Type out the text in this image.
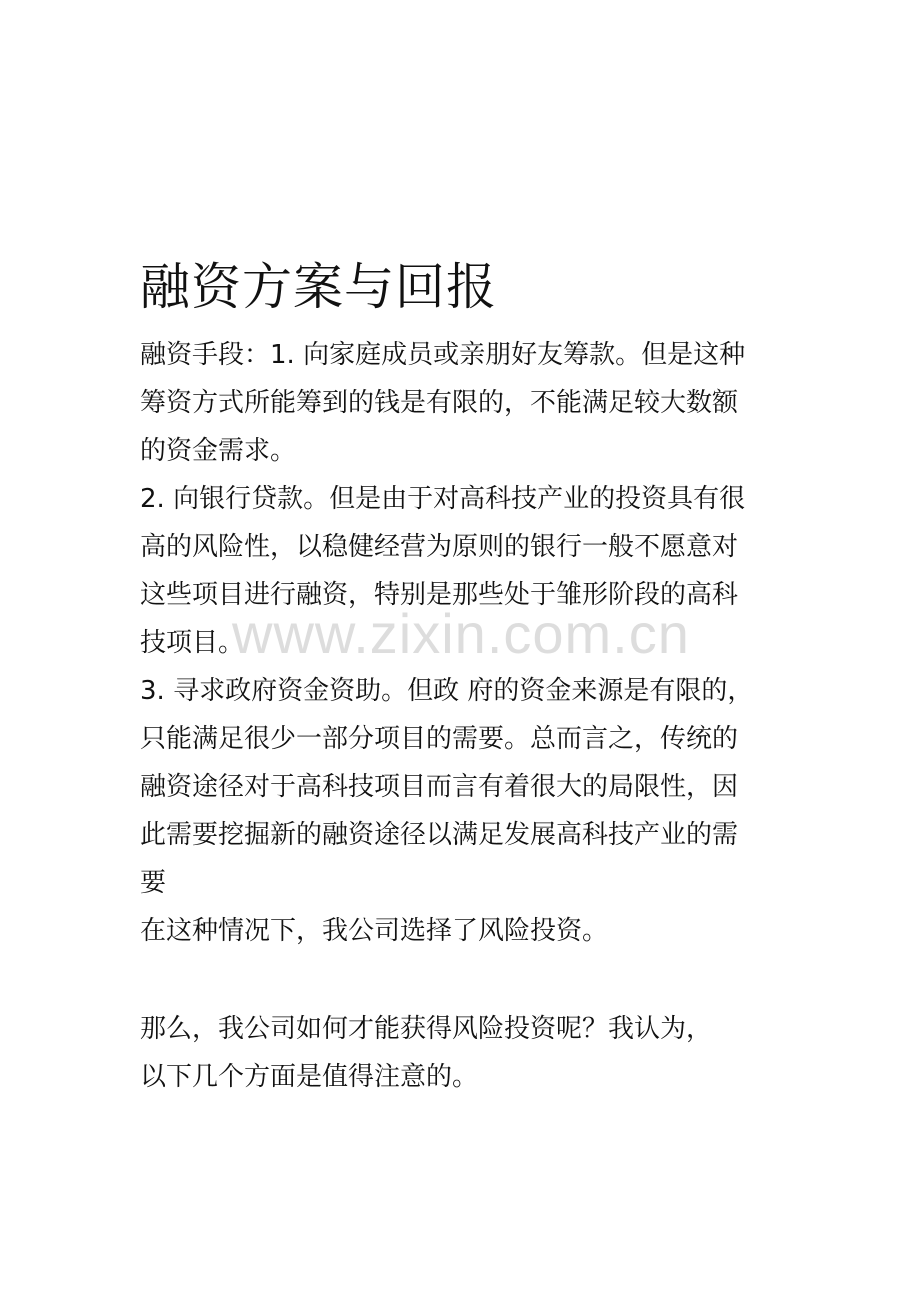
融资方案与回报

融资手段：1. 向家庭成员或亲朋好友筹款。但是这种

筹资方式所能筹到的钱是有限的，不能满足较大数额

的资金需求。

2. 向银行贷款。但是由于对高科技产业的投资具有很

高的风险性，以稳健经营为原则的银行一般不愿意对

这些项目进行融资，特别是那些处于雏形阶段的高科

技项目。

3. 寻求政府资金资助。但政 府的资金来源是有限的，

只能满足很少一部分项目的需要。总而言之，传统的

融资途径对于高科技项目而言有着很大的局限性，因

此需要挖掘新的融资途径以满足发展高科技产业的需

要

在这种情况下，我公司选择了风险投资。

那么，我公司如何才能获得风险投资呢？我认为，

以下几个方面是值得注意的。

www.zixin.com.cn
